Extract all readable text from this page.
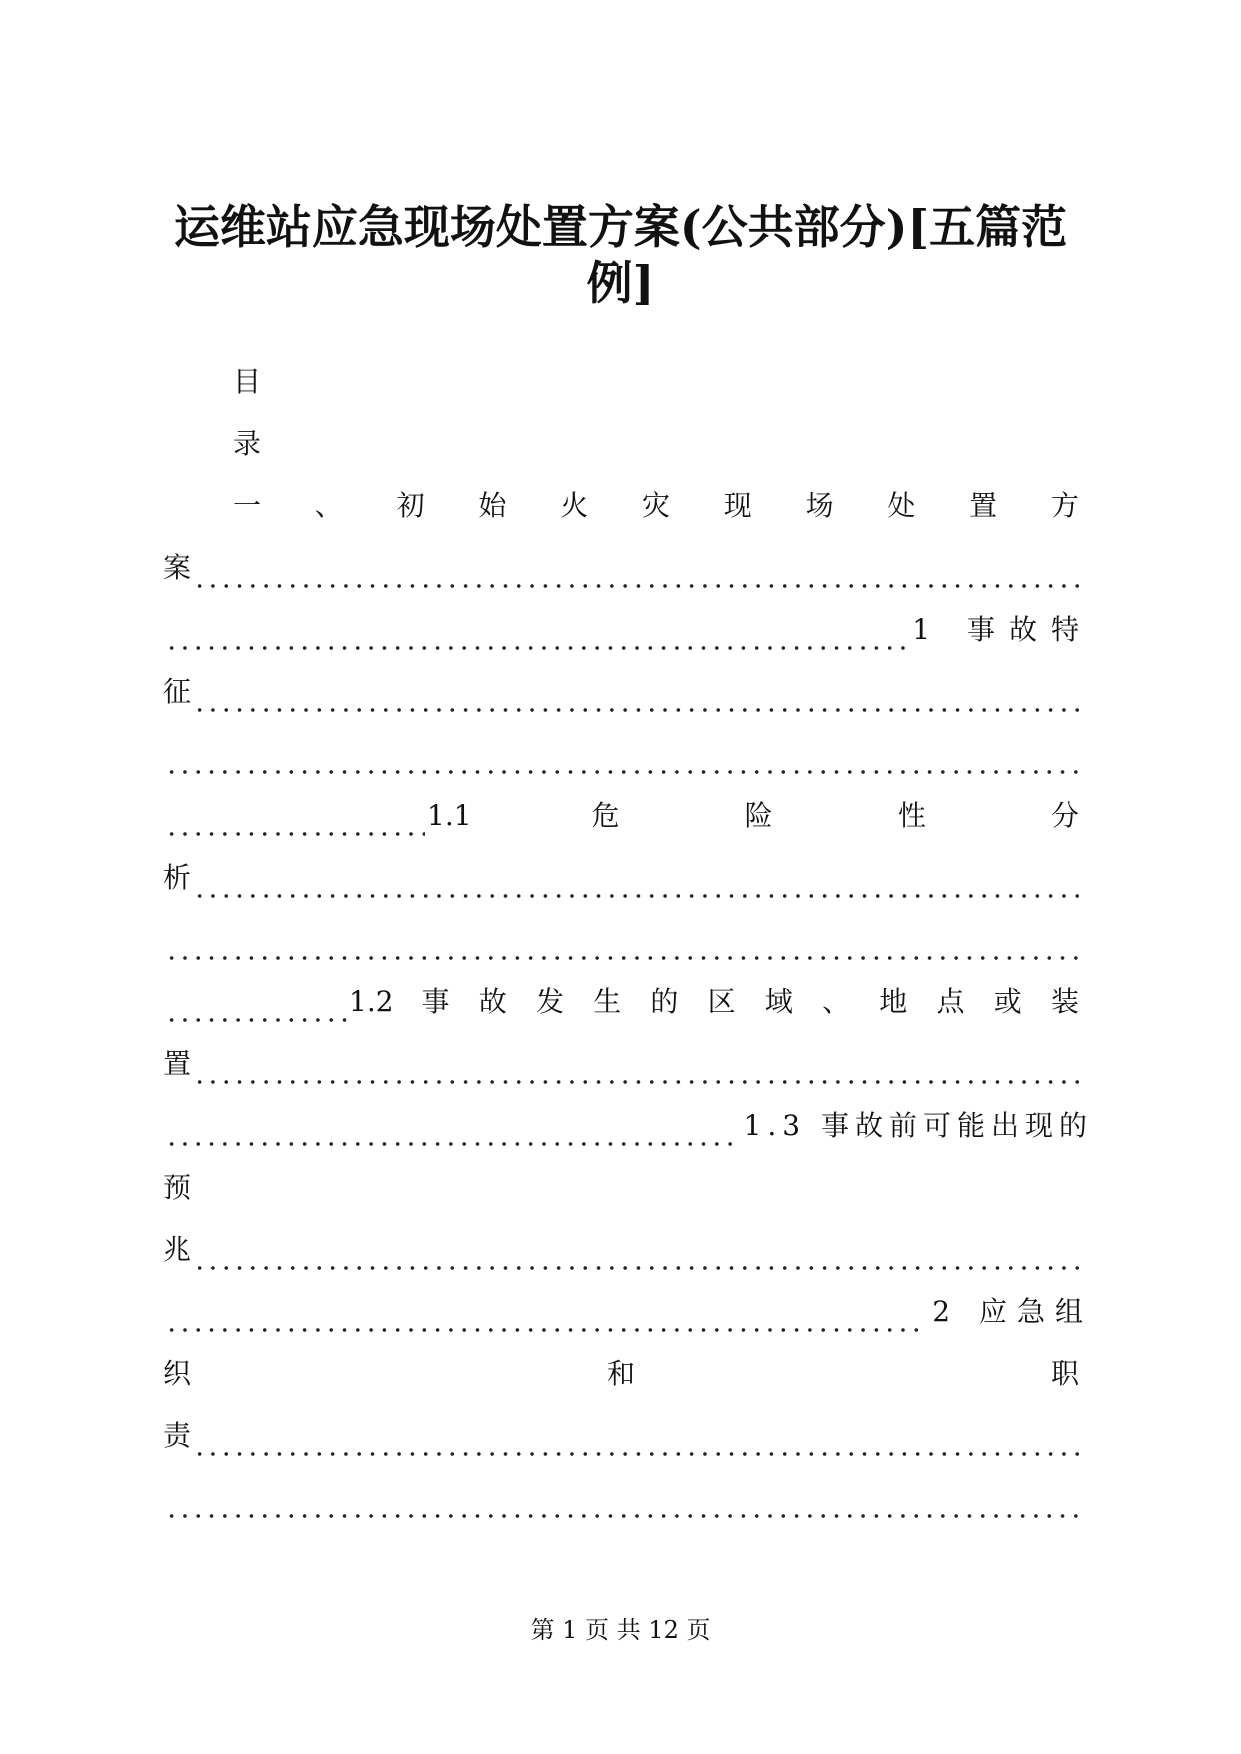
运维站应急现场处置方案(公共部分)[五篇范
例]
目
录
一 、 初 始 火 灾 现 场 处 置 方
案
1 事故特
征
1.1	危	险	性	分
析
1.2 事 故 发 生 的 区 域 、 地 点 或 装
置
1.3 事故前可能出现的
预
兆
2 应急组
织	和	职
责
第 1 页 共 12 页
